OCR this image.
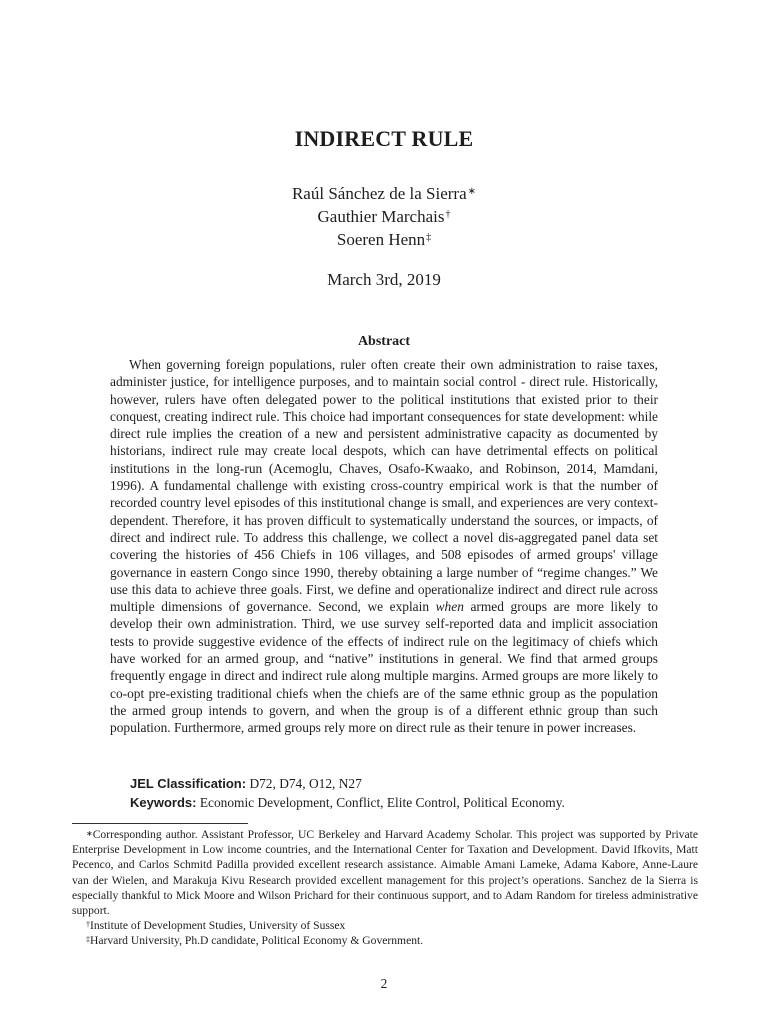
INDIRECT RULE
Raúl Sánchez de la Sierra∗
Gauthier Marchais†
Soeren Henn‡
March 3rd, 2019
Abstract

When governing foreign populations, ruler often create their own administration to raise taxes, administer justice, for intelligence purposes, and to maintain social control - direct rule. Historically, however, rulers have often delegated power to the political institutions that existed prior to their conquest, creating indirect rule. This choice had important consequences for state development: while direct rule implies the creation of a new and persistent administrative capacity as documented by historians, indirect rule may create local despots, which can have detrimental effects on political institutions in the long-run (Acemoglu, Chaves, Osafo-Kwaako, and Robinson, 2014, Mamdani, 1996). A fundamental challenge with existing cross-country empirical work is that the number of recorded country level episodes of this institutional change is small, and experiences are very context-dependent. Therefore, it has proven difficult to systematically understand the sources, or impacts, of direct and indirect rule. To address this challenge, we collect a novel dis-aggregated panel data set covering the histories of 456 Chiefs in 106 villages, and 508 episodes of armed groups' village governance in eastern Congo since 1990, thereby obtaining a large number of “regime changes.” We use this data to achieve three goals. First, we define and operationalize indirect and direct rule across multiple dimensions of governance. Second, we explain when armed groups are more likely to develop their own administration. Third, we use survey self-reported data and implicit association tests to provide suggestive evidence of the effects of indirect rule on the legitimacy of chiefs which have worked for an armed group, and “native” institutions in general. We find that armed groups frequently engage in direct and indirect rule along multiple margins. Armed groups are more likely to co-opt pre-existing traditional chiefs when the chiefs are of the same ethnic group as the population the armed group intends to govern, and when the group is of a different ethnic group than such population. Furthermore, armed groups rely more on direct rule as their tenure in power increases.

JEL Classification: D72, D74, O12, N27
Keywords: Economic Development, Conflict, Elite Control, Political Economy.

∗Corresponding author. Assistant Professor, UC Berkeley and Harvard Academy Scholar. This project was supported by Private Enterprise Development in Low income countries, and the International Center for Taxation and Development. David Ifkovits, Matt Pecenco, and Carlos Schmitd Padilla provided excellent research assistance. Aimable Amani Lameke, Adama Kabore, Anne-Laure van der Wielen, and Marakuja Kivu Research provided excellent management for this project’s operations. Sanchez de la Sierra is especially thankful to Mick Moore and Wilson Prichard for their continuous support, and to Adam Random for tireless administrative support.

†Institute of Development Studies, University of Sussex

‡Harvard University, Ph.D candidate, Political Economy & Government.

2
